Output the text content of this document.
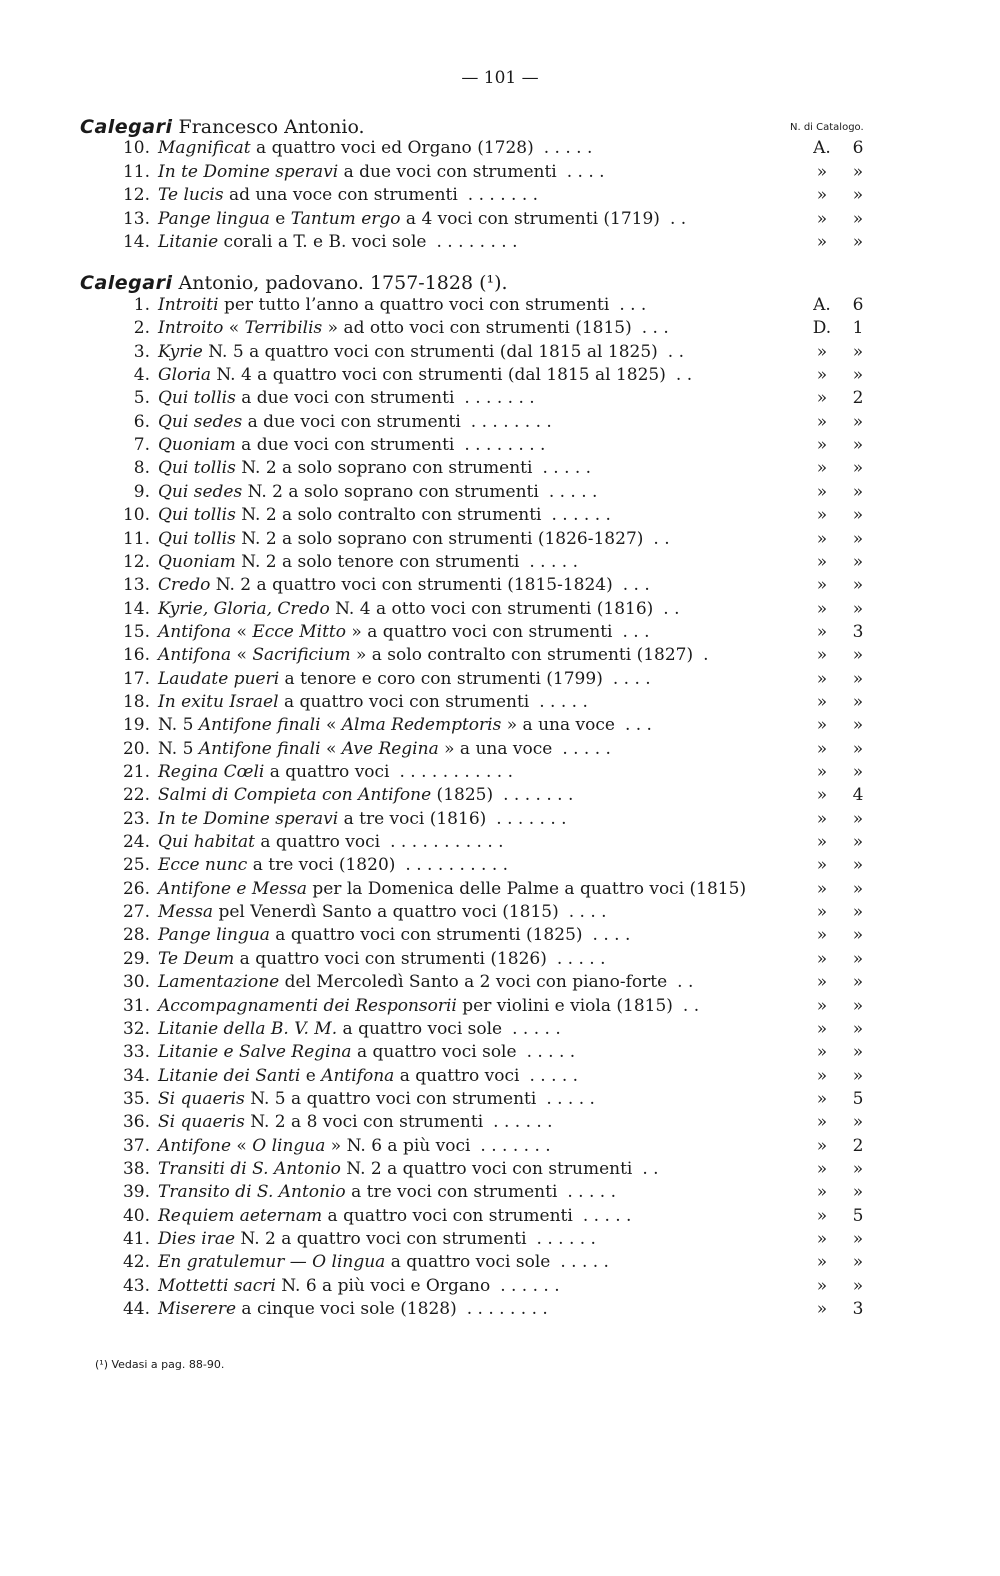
— 101 —
Calegari Francesco Antonio.	N. di Catalogo.
10. Magnificat a quattro voci ed Organo (1728) . . . . .	A.	6
11. In te Domine speravi a due voci con strumenti . . . .	»	»
12. Te lucis ad una voce con strumenti . . . . . . .	»	»
13. Pange lingua e Tantum ergo a 4 voci con strumenti (1719) . .	»	»
14. Litanie corali a T. e B. voci sole . . . . . . . .	»	»
Calegari Antonio, padovano. 1757-1828 (¹).
1. Introiti per tutto l’anno a quattro voci con strumenti . . .	A.	6
2. Introito « Terribilis » ad otto voci con strumenti (1815) . . .	D.	1
3. Kyrie N. 5 a quattro voci con strumenti (dal 1815 al 1825) . .	»	»
4. Gloria N. 4 a quattro voci con strumenti (dal 1815 al 1825) . .	»	»
5. Qui tollis a due voci con strumenti . . . . . . .	»	2
6. Qui sedes a due voci con strumenti . . . . . . . .	»	»
7. Quoniam a due voci con strumenti . . . . . . . .	»	»
8. Qui tollis N. 2 a solo soprano con strumenti . . . . .	»	»
9. Qui sedes N. 2 a solo soprano con strumenti . . . . .	»	»
10. Qui tollis N. 2 a solo contralto con strumenti . . . . . .	»	»
11. Qui tollis N. 2 a solo soprano con strumenti (1826-1827) . .	»	»
12. Quoniam N. 2 a solo tenore con strumenti . . . . .	»	»
13. Credo N. 2 a quattro voci con strumenti (1815-1824) . . .	»	»
14. Kyrie, Gloria, Credo N. 4 a otto voci con strumenti (1816) . .	»	»
15. Antifona « Ecce Mitto » a quattro voci con strumenti . . .	»	3
16. Antifona « Sacrificium » a solo contralto con strumenti (1827) .	»	»
17. Laudate pueri a tenore e coro con strumenti (1799) . . . .	»	»
18. In exitu Israel a quattro voci con strumenti . . . . .	»	»
19. N. 5 Antifone finali « Alma Redemptoris » a una voce . . .	»	»
20. N. 5 Antifone finali « Ave Regina » a una voce . . . . .	»	»
21. Regina Cœli a quattro voci . . . . . . . . . . .	»	»
22. Salmi di Compieta con Antifone (1825) . . . . . . .	»	4
23. In te Domine speravi a tre voci (1816) . . . . . . .	»	»
24. Qui habitat a quattro voci . . . . . . . . . . .	»	»
25. Ecce nunc a tre voci (1820) . . . . . . . . . .	»	»
26. Antifone e Messa per la Domenica delle Palme a quattro voci (1815)	»	»
27. Messa pel Venerdì Santo a quattro voci (1815) . . . .	»	»
28. Pange lingua a quattro voci con strumenti (1825) . . . .	»	»
29. Te Deum a quattro voci con strumenti (1826) . . . . .	»	»
30. Lamentazione del Mercoledì Santo a 2 voci con piano-forte . .	»	»
31. Accompagnamenti dei Responsorii per violini e viola (1815) . .	»	»
32. Litanie della B. V. M. a quattro voci sole . . . . .	»	»
33. Litanie e Salve Regina a quattro voci sole . . . . .	»	»
34. Litanie dei Santi e Antifona a quattro voci . . . . .	»	»
35. Si quaeris N. 5 a quattro voci con strumenti . . . . .	»	5
36. Si quaeris N. 2 a 8 voci con strumenti . . . . . .	»	»
37. Antifone « O lingua » N. 6 a più voci . . . . . . .	»	2
38. Transiti di S. Antonio N. 2 a quattro voci con strumenti . .	»	»
39. Transito di S. Antonio a tre voci con strumenti . . . . .	»	»
40. Requiem aeternam a quattro voci con strumenti . . . . .	»	5
41. Dies irae N. 2 a quattro voci con strumenti . . . . . .	»	»
42. En gratulemur — O lingua a quattro voci sole . . . . .	»	»
43. Mottetti sacri N. 6 a più voci e Organo . . . . . .	»	»
44. Miserere a cinque voci sole (1828) . . . . . . . .	»	3
(¹) Vedasi a pag. 88-90.
